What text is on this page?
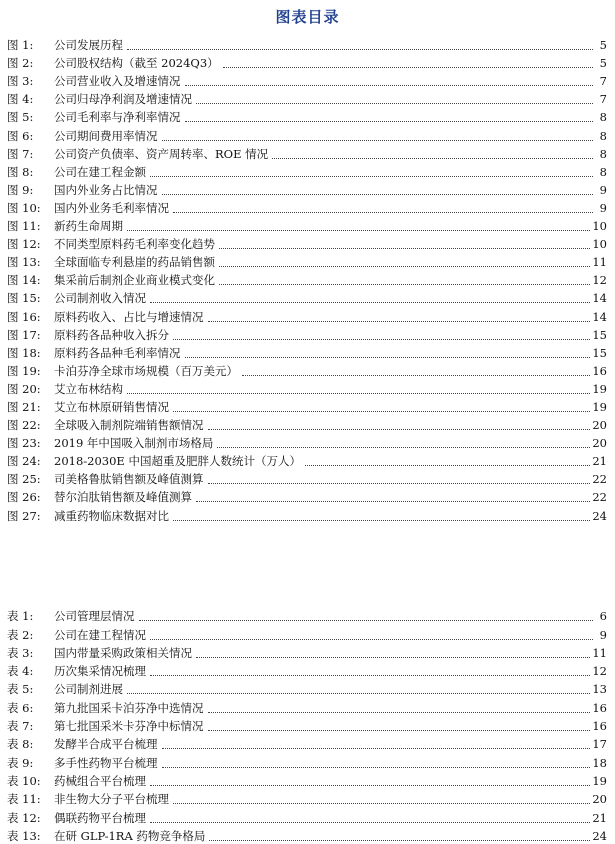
图表目录
图 1:	公司发展历程	5
图 2:	公司股权结构（截至 2024Q3）	5
图 3:	公司营业收入及增速情况	7
图 4:	公司归母净利润及增速情况	7
图 5:	公司毛利率与净利率情况	8
图 6:	公司期间费用率情况	8
图 7:	公司资产负债率、资产周转率、ROE 情况	8
图 8:	公司在建工程金额	8
图 9:	国内外业务占比情况	9
图 10:	国内外业务毛利率情况	9
图 11:	新药生命周期	10
图 12:	不同类型原料药毛利率变化趋势	10
图 13:	全球面临专利悬崖的药品销售额	11
图 14:	集采前后制剂企业商业模式变化	12
图 15:	公司制剂收入情况	14
图 16:	原料药收入、占比与增速情况	14
图 17:	原料药各品种收入拆分	15
图 18:	原料药各品种毛利率情况	15
图 19:	卡泊芬净全球市场规模（百万美元）	16
图 20:	艾立布林结构	19
图 21:	艾立布林原研销售情况	19
图 22:	全球吸入制剂院端销售额情况	20
图 23:	2019 年中国吸入制剂市场格局	20
图 24:	2018-2030E 中国超重及肥胖人数统计（万人）	21
图 25:	司美格鲁肽销售额及峰值测算	22
图 26:	替尔泊肽销售额及峰值测算	22
图 27:	减重药物临床数据对比	24
表 1:	公司管理层情况	6
表 2:	公司在建工程情况	9
表 3:	国内带量采购政策相关情况	11
表 4:	历次集采情况梳理	12
表 5:	公司制剂进展	13
表 6:	第九批国采卡泊芬净中选情况	16
表 7:	第七批国采米卡芬净中标情况	16
表 8:	发酵半合成平台梳理	17
表 9:	多手性药物平台梳理	18
表 10:	药械组合平台梳理	19
表 11:	非生物大分子平台梳理	20
表 12:	偶联药物平台梳理	21
表 13:	在研 GLP-1RA 药物竞争格局	24
